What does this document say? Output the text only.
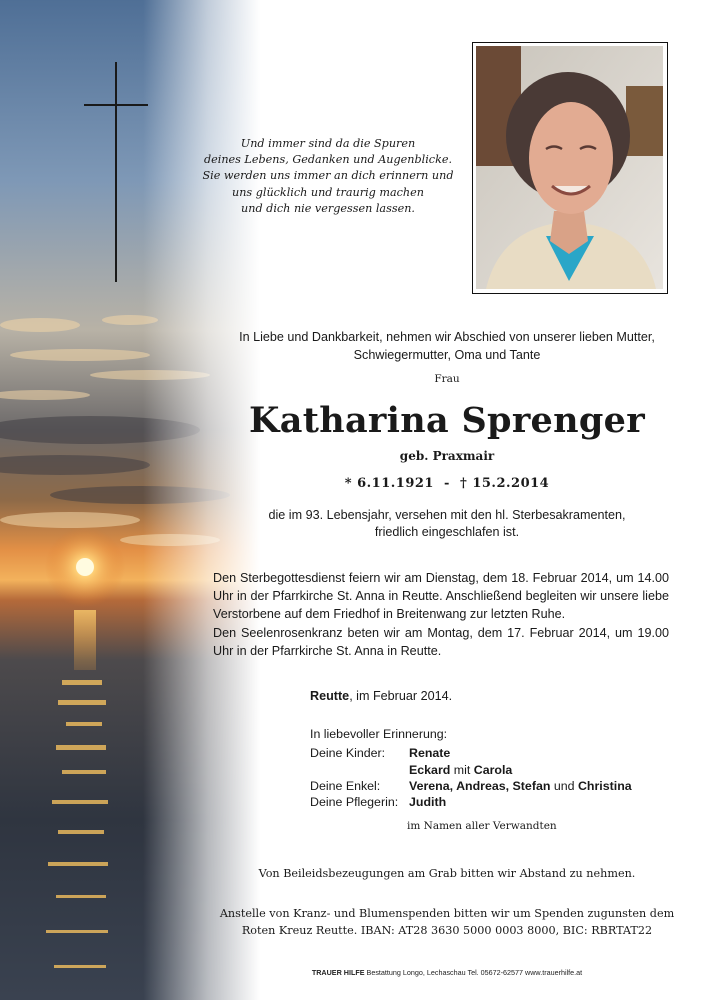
Und immer sind da die Spuren
deines Lebens, Gedanken und Augenblicke.
Sie werden uns immer an dich erinnern und
uns glücklich und traurig machen
und dich nie vergessen lassen.
In Liebe und Dankbarkeit, nehmen wir Abschied von unserer lieben Mutter,
Schwiegermutter, Oma und Tante
Frau
Katharina Sprenger
geb. Praxmair
* 6.11.1921 - † 15.2.2014
die im 93. Lebensjahr, versehen mit den hl. Sterbesakramenten,
friedlich eingeschlafen ist.
Den Sterbegottesdienst feiern wir am Dienstag, dem 18. Februar 2014, um 14.00 Uhr in der Pfarrkirche St. Anna in Reutte. Anschließend begleiten wir unsere liebe Verstorbene auf dem Friedhof in Breitenwang zur letzten Ruhe.
Den Seelenrosenkranz beten wir am Montag, dem 17. Februar 2014, um 19.00 Uhr in der Pfarrkirche St. Anna in Reutte.
Reutte, im Februar 2014.
In liebevoller Erinnerung:
Deine Kinder: Renate
Eckard mit Carola
Deine Enkel: Verena, Andreas, Stefan und Christina
Deine Pflegerin: Judith
im Namen aller Verwandten
Von Beileidsbezeugungen am Grab bitten wir Abstand zu nehmen.
Anstelle von Kranz- und Blumenspenden bitten wir um Spenden zugunsten dem
Roten Kreuz Reutte. IBAN: AT28 3630 5000 0003 8000, BIC: RBRTAT22
TRAUER HILFE Bestattung Longo, Lechaschau Tel. 05672-62577 www.trauerhilfe.at
